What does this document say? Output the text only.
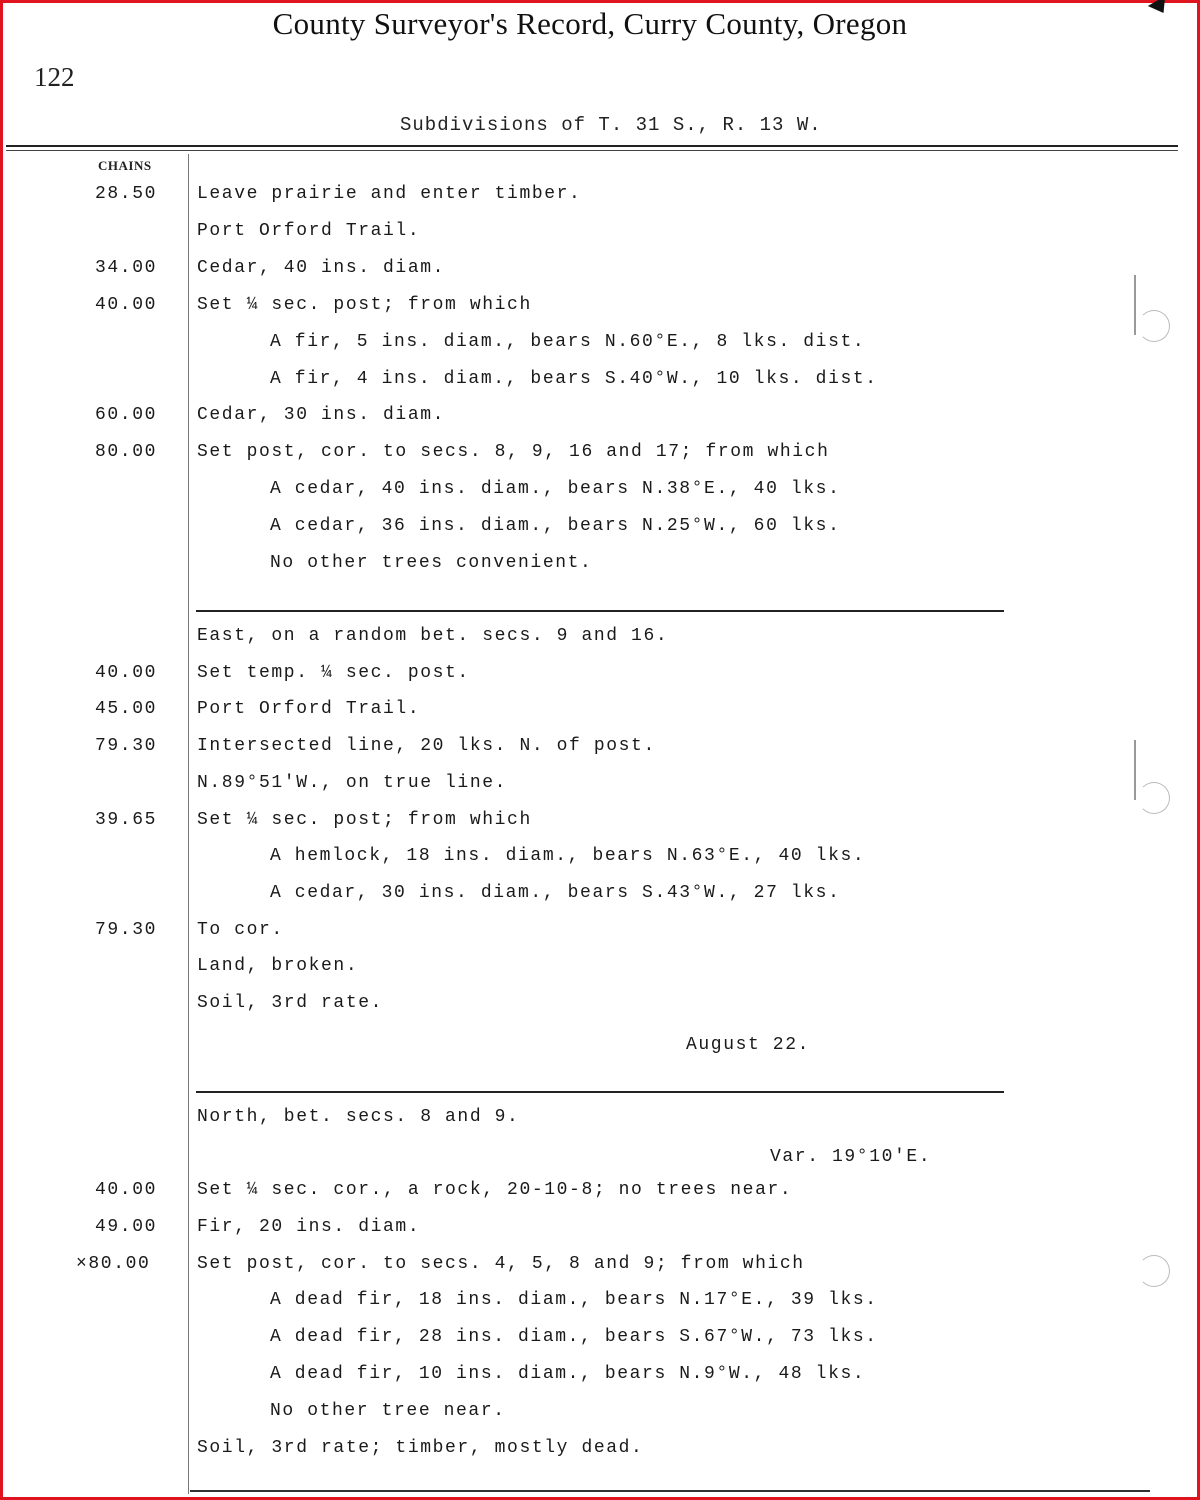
County Surveyor's Record, Curry County, Oregon
122
Subdivisions of T. 31 S., R. 13 W.
CHAINS
28.50 Leave prairie and enter timber.
Port Orford Trail.
34.00 Cedar, 40 ins. diam.
40.00 Set ¼ sec. post; from which
A fir, 5 ins. diam., bears N.60°E., 8 lks. dist.
A fir, 4 ins. diam., bears S.40°W., 10 lks. dist.
60.00 Cedar, 30 ins. diam.
80.00 Set post, cor. to secs. 8, 9, 16 and 17; from which
A cedar, 40 ins. diam., bears N.38°E., 40 lks.
A cedar, 36 ins. diam., bears N.25°W., 60 lks.
No other trees convenient.
East, on a random bet. secs. 9 and 16.
40.00 Set temp. ¼ sec. post.
45.00 Port Orford Trail.
79.30 Intersected line, 20 lks. N. of post.
N.89°51'W., on true line.
39.65 Set ¼ sec. post; from which
A hemlock, 18 ins. diam., bears N.63°E., 40 lks.
A cedar, 30 ins. diam., bears S.43°W., 27 lks.
79.30 To cor.
Land, broken.
Soil, 3rd rate.
August 22.
North, bet. secs. 8 and 9.
Var. 19°10'E.
40.00 Set ¼ sec. cor., a rock, 20-10-8; no trees near.
49.00 Fir, 20 ins. diam.
×80.00	Set post, cor. to secs. 4, 5, 8 and 9; from which
A dead fir, 18 ins. diam., bears N.17°E., 39 lks.
A dead fir, 28 ins. diam., bears S.67°W., 73 lks.
A dead fir, 10 ins. diam., bears N.9°W., 48 lks.
No other tree near.
Soil, 3rd rate; timber, mostly dead.
